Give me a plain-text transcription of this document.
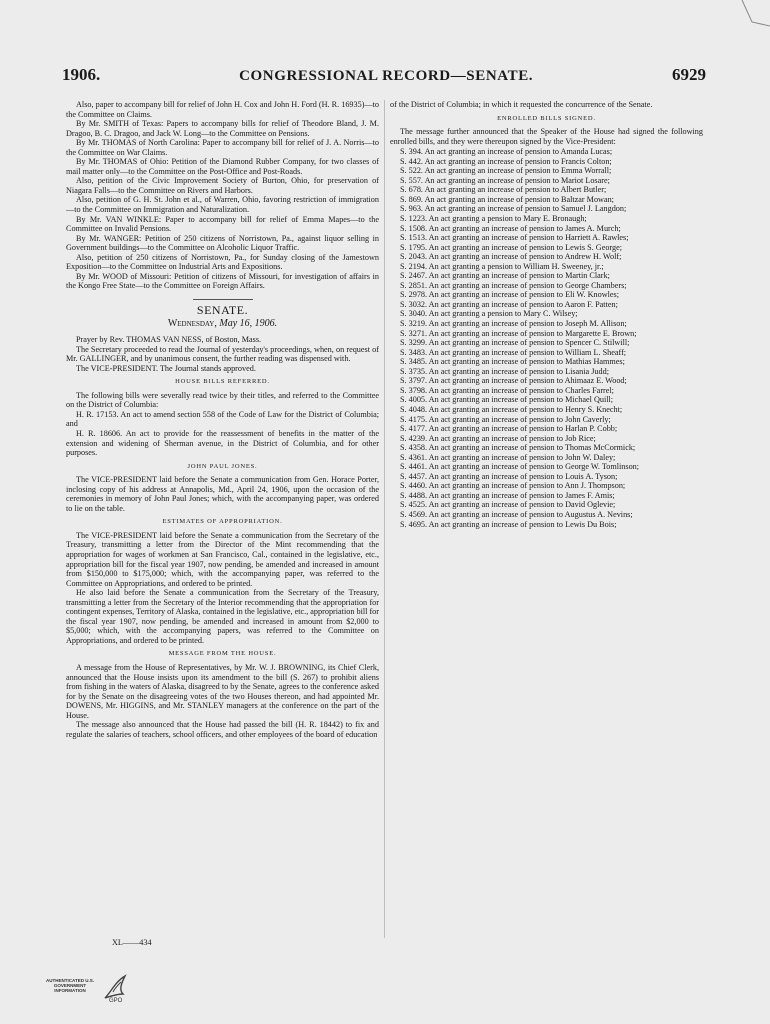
1906.	CONGRESSIONAL RECORD—SENATE.	6929

Also, paper to accompany bill for relief of John H. Cox and John H. Ford (H. R. 16935)—to the Committee on Claims.

By Mr. SMITH of Texas: Papers to accompany bills for relief of Theodore Bland, J. M. Dragoo, B. C. Dragoo, and Jack W. Long—to the Committee on Pensions.

By Mr. THOMAS of North Carolina: Paper to accompany bill for relief of J. A. Norris—to the Committee on War Claims.

By Mr. THOMAS of Ohio: Petition of the Diamond Rubber Company, for two classes of mail matter only—to the Committee on the Post-Office and Post-Roads.

Also, petition of the Civic Improvement Society of Burton, Ohio, for preservation of Niagara Falls—to the Committee on Rivers and Harbors.

Also, petition of G. H. St. John et al., of Warren, Ohio, favoring restriction of immigration—to the Committee on Immigration and Naturalization.

By Mr. VAN WINKLE: Paper to accompany bill for relief of Emma Mapes—to the Committee on Invalid Pensions.

By Mr. WANGER: Petition of 250 citizens of Norristown, Pa., against liquor selling in Government buildings—to the Committee on Alcoholic Liquor Traffic.

Also, petition of 250 citizens of Norristown, Pa., for Sunday closing of the Jamestown Exposition—to the Committee on Industrial Arts and Expositions.

By Mr. WOOD of Missouri: Petition of citizens of Missouri, for investigation of affairs in the Kongo Free State—to the Committee on Foreign Affairs.

SENATE.
Wednesday, May 16, 1906.

Prayer by Rev. THOMAS VAN NESS, of Boston, Mass.

The Secretary proceeded to read the Journal of yesterday's proceedings, when, on request of Mr. GALLINGER, and by unanimous consent, the further reading was dispensed with.

The VICE-PRESIDENT. The Journal stands approved.

HOUSE BILLS REFERRED.

The following bills were severally read twice by their titles, and referred to the Committee on the District of Columbia:

H. R. 17153. An act to amend section 558 of the Code of Law for the District of Columbia; and

H. R. 18606. An act to provide for the reassessment of benefits in the matter of the extension and widening of Sherman avenue, in the District of Columbia, and for other purposes.

JOHN PAUL JONES.

The VICE-PRESIDENT laid before the Senate a communication from Gen. Horace Porter, inclosing copy of his address at Annapolis, Md., April 24, 1906, upon the occasion of the ceremonies in memory of John Paul Jones; which, with the accompanying paper, was ordered to lie on the table.

ESTIMATES OF APPROPRIATION.

The VICE-PRESIDENT laid before the Senate a communication from the Secretary of the Treasury, transmitting a letter from the Director of the Mint recommending that the appropriation for wages of workmen at San Francisco, Cal., contained in the legislative, etc., appropriation bill for the fiscal year 1907, now pending, be amended and increased in amount from $150,000 to $175,000; which, with the accompanying paper, was referred to the Committee on Appropriations, and ordered to be printed.

He also laid before the Senate a communication from the Secretary of the Treasury, transmitting a letter from the Secretary of the Interior recommending that the appropriation for contingent expenses, Territory of Alaska, contained in the legislative, etc., appropriation bill for the fiscal year 1907, now pending, be amended and increased in amount from $2,000 to $5,000; which, with the accompanying papers, was referred to the Committee on Appropriations, and ordered to be printed.

MESSAGE FROM THE HOUSE.

A message from the House of Representatives, by Mr. W. J. BROWNING, its Chief Clerk, announced that the House insists upon its amendment to the bill (S. 267) to prohibit aliens from fishing in the waters of Alaska, disagreed to by the Senate, agrees to the conference asked for by the Senate on the disagreeing votes of the two Houses thereon, and had appointed Mr. DOWENS, Mr. HIGGINS, and Mr. STANLEY managers at the conference on the part of the House.

The message also announced that the House had passed the bill (H. R. 18442) to fix and regulate the salaries of teachers, school officers, and other employees of the board of education

of the District of Columbia; in which it requested the concurrence of the Senate.

ENROLLED BILLS SIGNED.

The message further announced that the Speaker of the House had signed the following enrolled bills, and they were thereupon signed by the Vice-President:

S. 394. An act granting an increase of pension to Amanda Lucas;

S. 442. An act granting an increase of pension to Francis Colton;

S. 522. An act granting an increase of pension to Emma Worrall;

S. 557. An act granting an increase of pension to Mariot Losare;

S. 678. An act granting an increase of pension to Albert Butler;

S. 869. An act granting an increase of pension to Baltzar Mowan;

S. 963. An act granting an increase of pension to Samuel J. Langdon;

S. 1223. An act granting a pension to Mary E. Bronaugh;

S. 1508. An act granting an increase of pension to James A. Murch;

S. 1513. An act granting an increase of pension to Harriett A. Rawles;

S. 1795. An act granting an increase of pension to Lewis S. George;

S. 2043. An act granting an increase of pension to Andrew H. Wolf;

S. 2194. An act granting a pension to William H. Sweeney, jr.;

S. 2467. An act granting an increase of pension to Martin Clark;

S. 2851. An act granting an increase of pension to George Chambers;

S. 2978. An act granting an increase of pension to Eli W. Knowles;

S. 3032. An act granting an increase of pension to Aaron F. Patten;

S. 3040. An act granting a pension to Mary C. Wilsey;

S. 3219. An act granting an increase of pension to Joseph M. Allison;

S. 3271. An act granting an increase of pension to Margarette E. Brown;

S. 3299. An act granting an increase of pension to Spencer C. Stilwill;

S. 3483. An act granting an increase of pension to William L. Sheaff;

S. 3485. An act granting an increase of pension to Mathias Hammes;

S. 3735. An act granting an increase of pension to Lisania Judd;

S. 3797. An act granting an increase of pension to Ahimaaz E. Wood;

S. 3798. An act granting an increase of pension to Charles Farrel;

S. 4005. An act granting an increase of pension to Michael Quill;

S. 4048. An act granting an increase of pension to Henry S. Knecht;

S. 4175. An act granting an increase of pension to John Caverly;

S. 4177. An act granting an increase of pension to Harlan P. Cobb;

S. 4239. An act granting an increase of pension to Job Rice;

S. 4358. An act granting an increase of pension to Thomas McCormick;

S. 4361. An act granting an increase of pension to John W. Daley;

S. 4461. An act granting an increase of pension to George W. Tomlinson;

S. 4457. An act granting an increase of pension to Louis A. Tyson;

S. 4460. An act granting an increase of pension to Ann J. Thompson;

S. 4488. An act granting an increase of pension to James F. Amis;

S. 4525. An act granting an increase of pension to David Oglevie;

S. 4569. An act granting an increase of pension to Augustus A. Nevins;

S. 4695. An act granting an increase of pension to Lewis Du Bois;

XL——434
AUTHENTICATED U.S. GOVERNMENT INFORMATION
GPO
